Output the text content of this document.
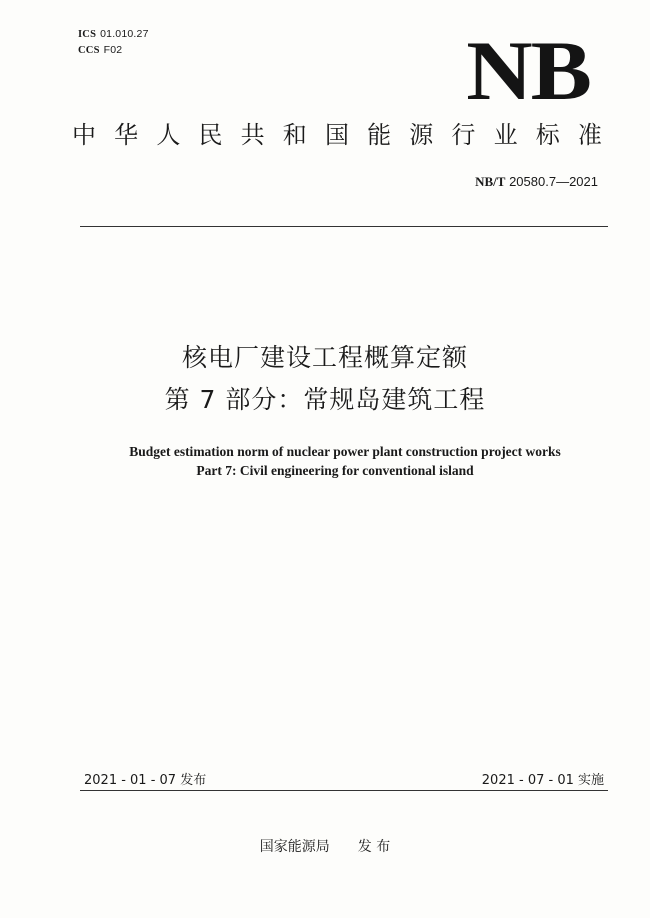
ICS 01.010.27
CCS F02	NB
中 华 人 民 共 和 国 能 源 行 业 标 准
NB/T 20580.7—2021
核电厂建设工程概算定额
第 7 部分：常规岛建筑工程
Budget estimation norm of nuclear power plant construction project works
Part 7: Civil engineering for conventional island
2021 - 01 - 07 发布	2021 - 07 - 01 实施
国家能源局 发 布
